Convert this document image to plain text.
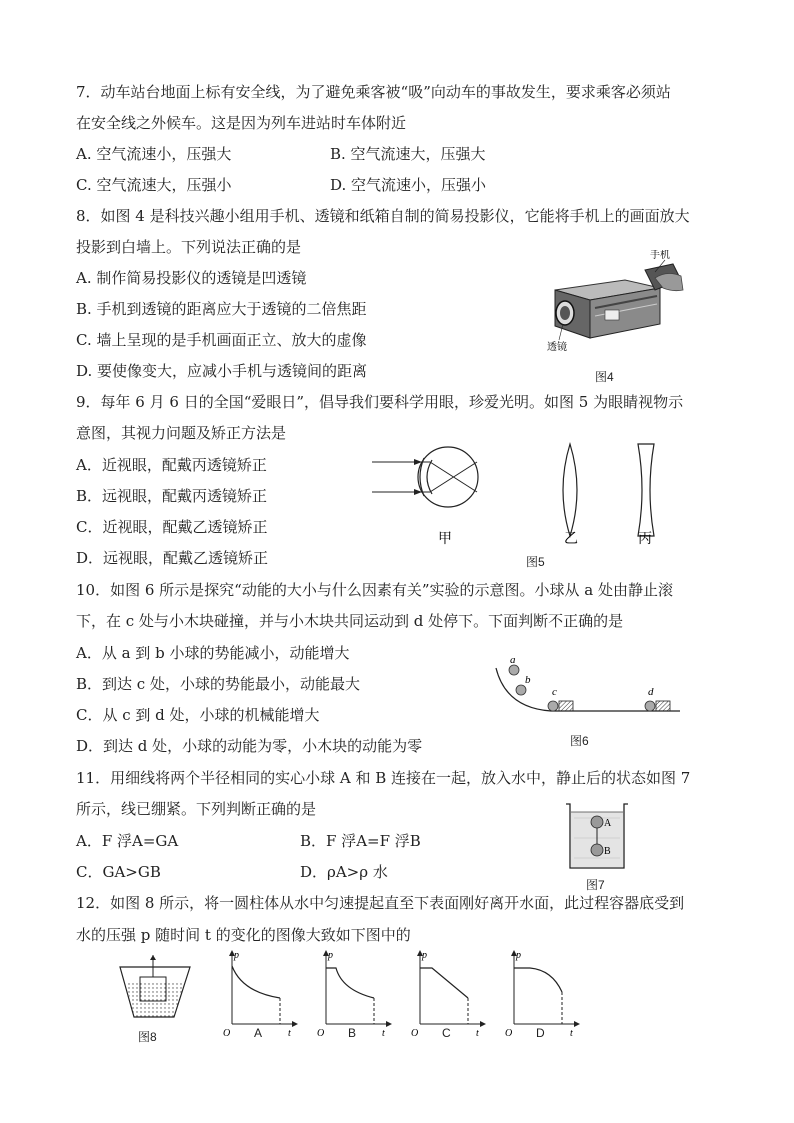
7．动车站台地面上标有安全线，为了避免乘客被“吸”向动车的事故发生，要求乘客必须站
在安全线之外候车。这是因为列车进站时车体附近
A. 空气流速小，压强大	B. 空气流速大，压强大
C. 空气流速大，压强小	D. 空气流速小，压强小
8．如图 4 是科技兴趣小组用手机、透镜和纸箱自制的简易投影仪，它能将手机上的画面放大
投影到白墙上。下列说法正确的是
A. 制作简易投影仪的透镜是凹透镜
B. 手机到透镜的距离应大于透镜的二倍焦距
C. 墙上呈现的是手机画面正立、放大的虚像
D. 要使像变大，应减小手机与透镜间的距离
手机
透镜
图4
9．每年 6 月 6 日的全国“爱眼日”，倡导我们要科学用眼，珍爱光明。如图 5 为眼睛视物示
意图，其视力问题及矫正方法是
A．近视眼，配戴丙透镜矫正
B．远视眼，配戴丙透镜矫正
C．近视眼，配戴乙透镜矫正
D．远视眼，配戴乙透镜矫正
甲	乙	丙
图5
10．如图 6 所示是探究“动能的大小与什么因素有关”实验的示意图。小球从 a 处由静止滚
下，在 c 处与小木块碰撞，并与小木块共同运动到 d 处停下。下面判断不正确的是
A．从 a 到 b 小球的势能减小，动能增大
B．到达 c 处，小球的势能最小，动能最大
C．从 c 到 d 处，小球的机械能增大
D．到达 d 处，小球的动能为零，小木块的动能为零
a
b
c	d
图6
11．用细线将两个半径相同的实心小球 A 和 B 连接在一起，放入水中，静止后的状态如图 7
所示，线已绷紧。下列判断正确的是
A．F 浮A=GA	B．F 浮A=F 浮B
C．GA>GB	D．ρA>ρ 水
A
B
图7
12．如图 8 所示，将一圆柱体从水中匀速提起直至下表面刚好离开水面，此过程容器底受到
水的压强 p 随时间 t 的变化的图像大致如下图中的
图8
p
t
O A
p
t
O B
p
t
O C
p
t
O D
